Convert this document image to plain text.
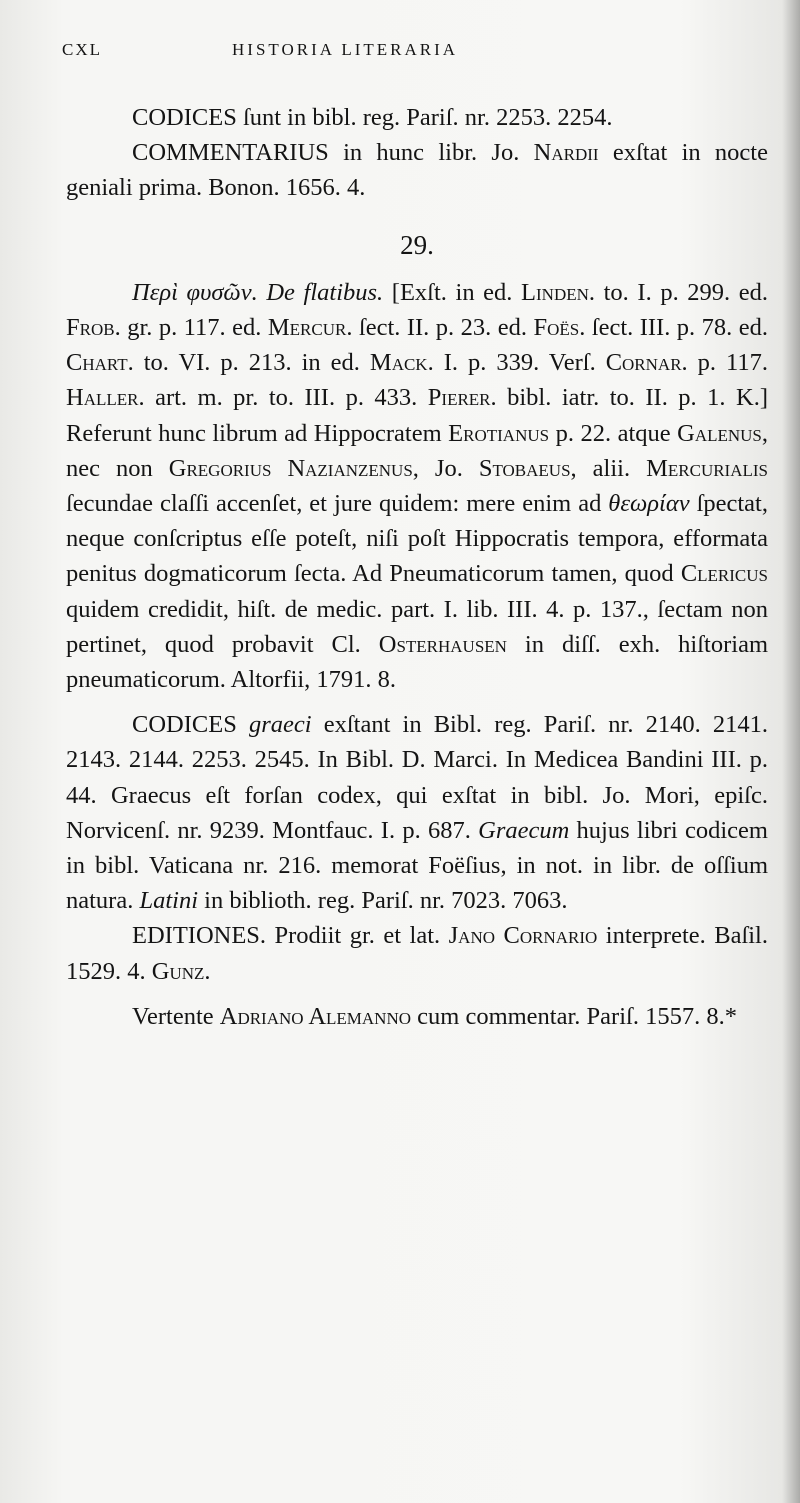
CXL	HISTORIA LITERARIA

CODICES ſunt in bibl. reg. Pariſ. nr. 2253. 2254.

COMMENTARIUS in hunc libr. Jo. Nardii exſtat in nocte geniali prima. Bonon. 1656. 4.

29.

Περὶ φυσῶν. De flatibus. [Exſt. in ed. Linden. to. I. p. 299. ed. Frob. gr. p. 117. ed. Mercur. ſect. II. p. 23. ed. Foës. ſect. III. p. 78. ed. Chart. to. VI. p. 213. in ed. Mack. I. p. 339. Verſ. Cornar. p. 117. Haller. art. m. pr. to. III. p. 433. Pierer. bibl. iatr. to. II. p. 1. K.] Referunt hunc librum ad Hippocratem Erotianus p. 22. atque Galenus, nec non Gregorius Nazianzenus, Jo. Stobaeus, alii. Mercurialis ſecundae claſſi accenſet, et jure quidem: mere enim ad θεωρίαν ſpectat, neque conſcriptus eſſe poteſt, niſi poſt Hippocratis tempora, efformata penitus dogmaticorum ſecta. Ad Pneumaticorum tamen, quod Clericus quidem credidit, hiſt. de medic. part. I. lib. III. 4. p. 137., ſectam non pertinet, quod probavit Cl. Osterhausen in diſſ. exh. hiſtoriam pneumaticorum. Altorfii, 1791. 8.

CODICES graeci exſtant in Bibl. reg. Pariſ. nr. 2140. 2141. 2143. 2144. 2253. 2545. In Bibl. D. Marci. In Medicea Bandini III. p. 44. Graecus eſt forſan codex, qui exſtat in bibl. Jo. Mori, epiſc. Norvicenſ. nr. 9239. Montfauc. I. p. 687. Graecum hujus libri codicem in bibl. Vaticana nr. 216. memorat Foëſius, in not. in libr. de oſſium natura. Latini in biblioth. reg. Pariſ. nr. 7023. 7063.

EDITIONES. Prodiit gr. et lat. Jano Cornario interprete. Baſil. 1529. 4. Gunz.

Vertente Adriano Alemanno cum commentar. Pariſ. 1557. 8.*
